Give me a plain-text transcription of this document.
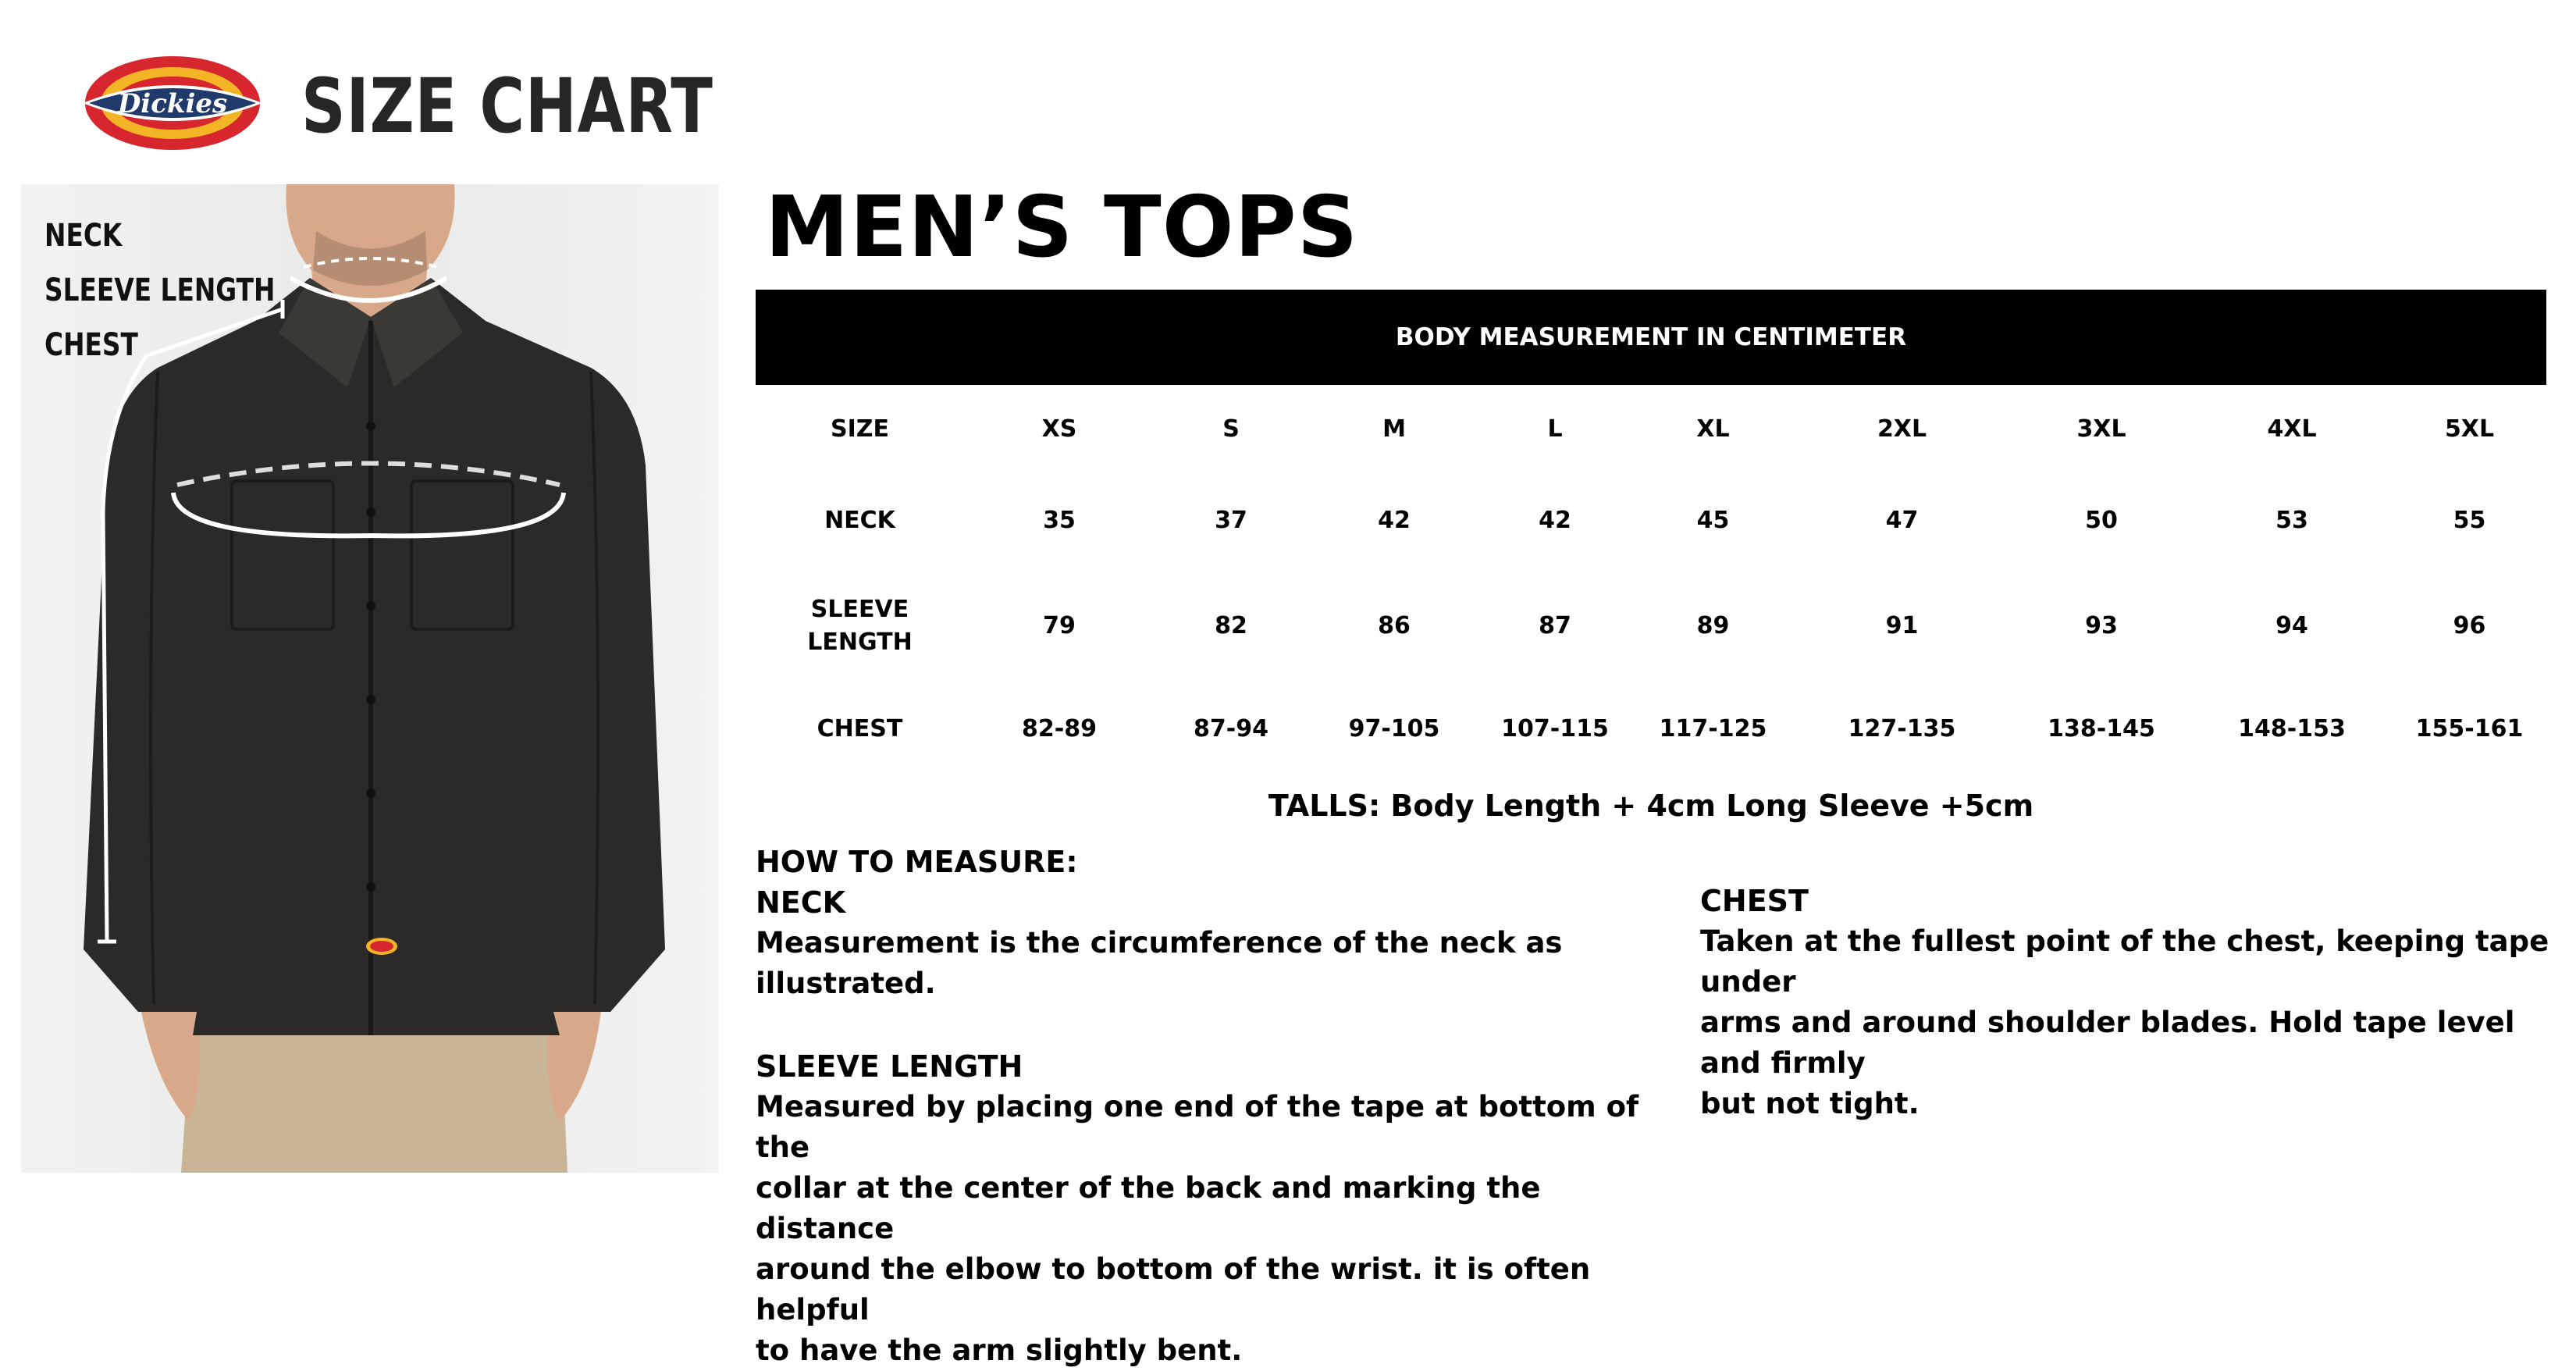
Dickies SIZE CHART
NECK
SLEEVE LENGTH
CHEST
MEN’S TOPS
BODY MEASUREMENT IN CENTIMETER
SIZE	XS	S	M	L	XL	2XL	3XL	4XL	5XL
NECK	35	37	42	42	45	47	50	53	55
SLEEVE
LENGTH	79	82	86	87	89	91	93	94	96
CHEST	82-89	87-94	97-105	107-115	117-125	127-135	138-145	148-153	155-161
TALLS: Body Length + 4cm Long Sleeve +5cm
HOW TO MEASURE:
NECK

Measurement is the circumference of the neck as
illustrated.

SLEEVE LENGTH

Measured by placing one end of the tape at bottom of the
collar at the center of the back and marking the distance
around the elbow to bottom of the wrist. it is often helpful
to have the arm slightly bent.

CHEST

Taken at the fullest point of the chest, keeping tape under
arms and around shoulder blades. Hold tape level and firmly
but not tight.
